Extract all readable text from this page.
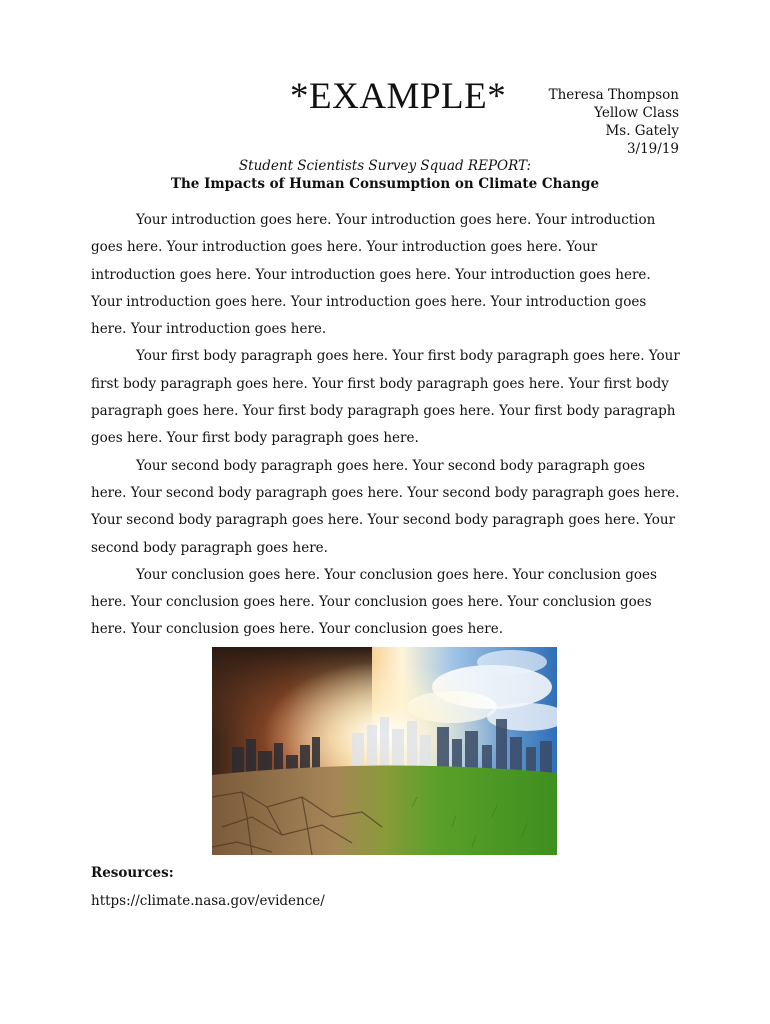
*EXAMPLE*	Theresa Thompson
Yellow Class
Ms. Gately
3/19/19
Student Scientists Survey Squad REPORT:
The Impacts of Human Consumption on Climate Change

Your introduction goes here. Your introduction goes here. Your introduction goes here. Your introduction goes here. Your introduction goes here. Your introduction goes here. Your introduction goes here. Your introduction goes here. Your introduction goes here. Your introduction goes here. Your introduction goes here. Your introduction goes here.

Your first body paragraph goes here. Your first body paragraph goes here. Your first body paragraph goes here. Your first body paragraph goes here. Your first body paragraph goes here. Your first body paragraph goes here. Your first body paragraph goes here. Your first body paragraph goes here.

Your second body paragraph goes here. Your second body paragraph goes here. Your second body paragraph goes here. Your second body paragraph goes here. Your second body paragraph goes here. Your second body paragraph goes here. Your second body paragraph goes here.

Your conclusion goes here. Your conclusion goes here. Your conclusion goes here. Your conclusion goes here. Your conclusion goes here. Your conclusion goes here. Your conclusion goes here. Your conclusion goes here.

Resources:
https://climate.nasa.gov/evidence/
